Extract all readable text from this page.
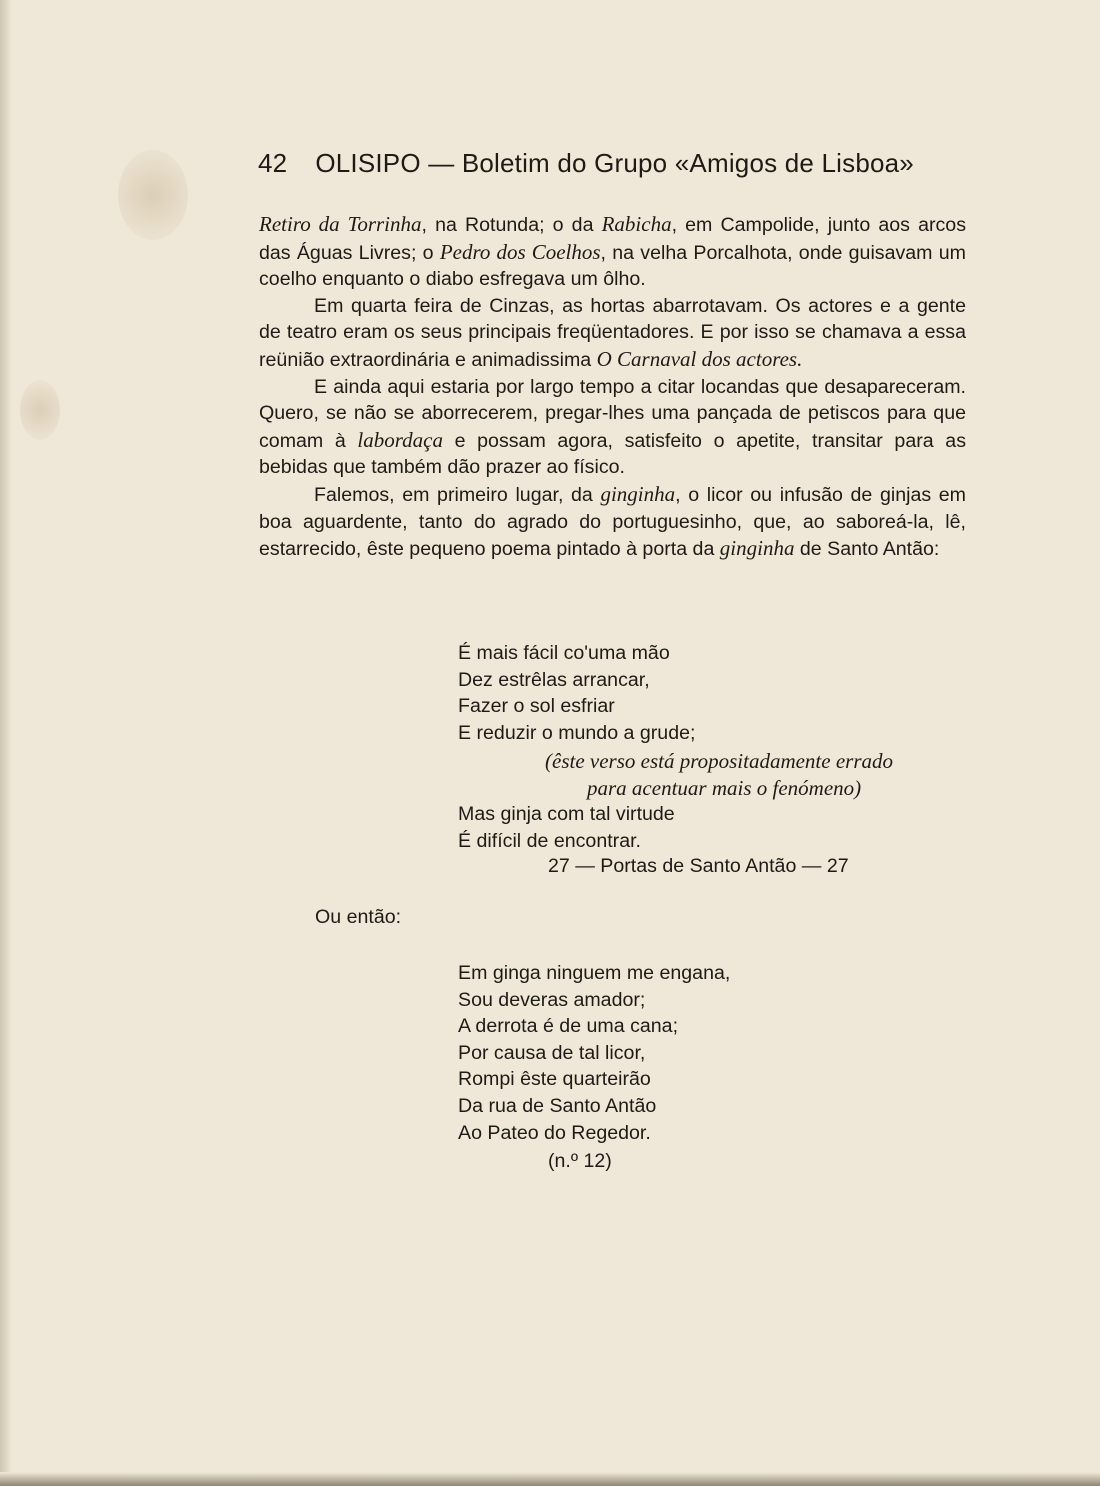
42 OLISIPO — Boletim do Grupo «Amigos de Lisboa»

Retiro da Torrinha, na Rotunda; o da Rabicha, em Campolide, junto aos arcos das Águas Livres; o Pedro dos Coelhos, na velha Porcalhota, onde guisavam um coelho enquanto o diabo esfregava um ôlho.

Em quarta feira de Cinzas, as hortas abarrotavam. Os actores e a gente de teatro eram os seus principais freqüentadores. E por isso se chamava a essa reünião extraordinária e animadissima O Carnaval dos actores.

E ainda aqui estaria por largo tempo a citar locandas que desapareceram. Quero, se não se aborrecerem, pregar-lhes uma pançada de petiscos para que comam à labordaça e possam agora, satisfeito o apetite, transitar para as bebidas que também dão prazer ao físico.

Falemos, em primeiro lugar, da ginginha, o licor ou infusão de ginjas em boa aguardente, tanto do agrado do portuguesinho, que, ao saboreá-la, lê, estarrecido, êste pequeno poema pintado à porta da ginginha de Santo Antão:

É mais fácil co'uma mão
Dez estrêlas arrancar,
Fazer o sol esfriar
E reduzir o mundo a grude;
(êste verso está propositadamente errado
para acentuar mais o fenómeno)
Mas ginja com tal virtude
É difícil de encontrar.
27 — Portas de Santo Antão — 27
Ou então:
Em ginga ninguem me engana,
Sou deveras amador;
A derrota é de uma cana;
Por causa de tal licor,
Rompi êste quarteirão
Da rua de Santo Antão
Ao Pateo do Regedor.
(n.º 12)
